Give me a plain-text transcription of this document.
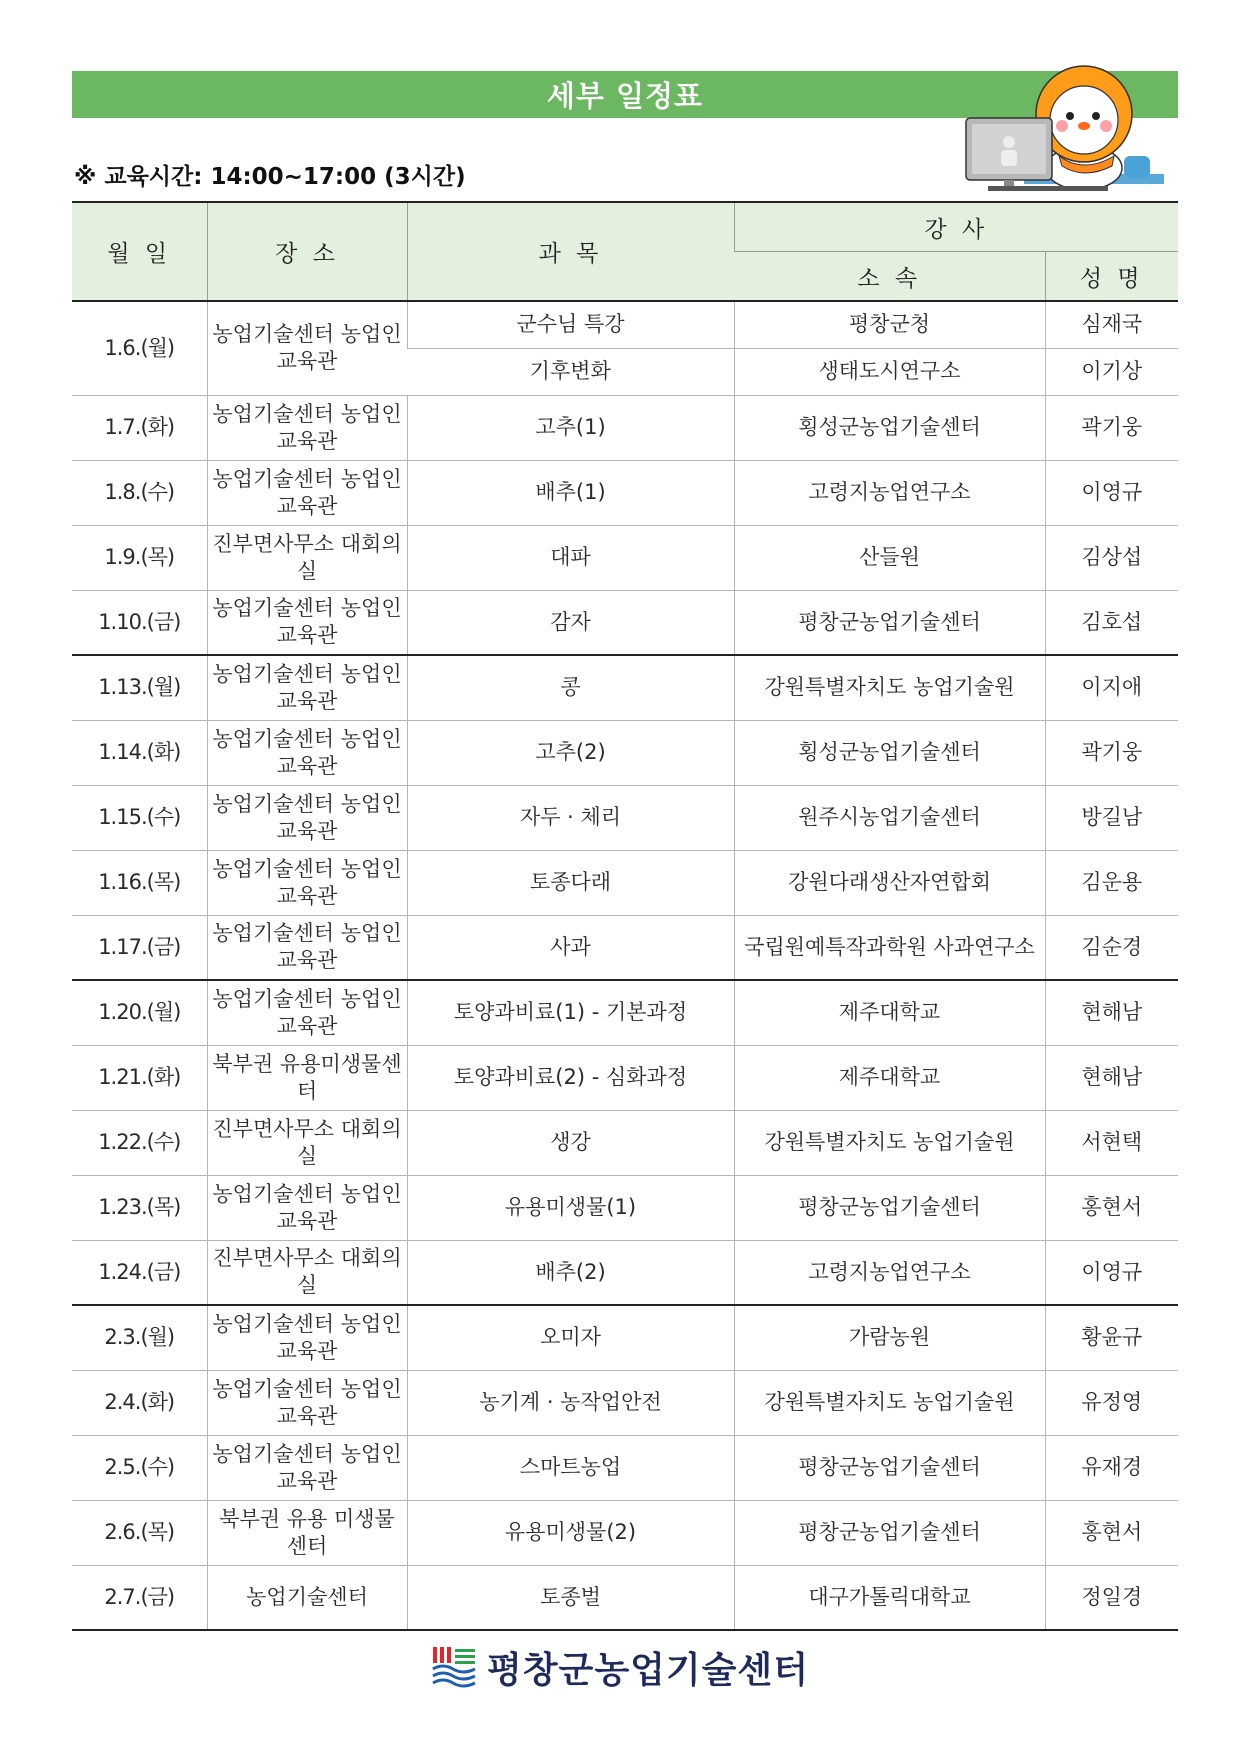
세부 일정표
※ 교육시간: 14:00~17:00 (3시간)
월 일	장 소	과 목	강 사	
			소 속	성 명
1.6.(월)	농업기술센터 농업인교육관	군수님 특강	평창군청	심재국
		기후변화	생태도시연구소	이기상
1.7.(화)	농업기술센터 농업인교육관	고추(1)	횡성군농업기술센터	곽기웅
1.8.(수)	농업기술센터 농업인교육관	배추(1)	고령지농업연구소	이영규
1.9.(목)	진부면사무소 대회의실	대파	산들원	김상섭
1.10.(금)	농업기술센터 농업인교육관	감자	평창군농업기술센터	김호섭
1.13.(월)	농업기술센터 농업인교육관	콩	강원특별자치도 농업기술원	이지애
1.14.(화)	농업기술센터 농업인교육관	고추(2)	횡성군농업기술센터	곽기웅
1.15.(수)	농업기술센터 농업인교육관	자두 · 체리	원주시농업기술센터	방길남
1.16.(목)	농업기술센터 농업인교육관	토종다래	강원다래생산자연합회	김운용
1.17.(금)	농업기술센터 농업인교육관	사과	국립원예특작과학원 사과연구소	김순경
1.20.(월)	농업기술센터 농업인교육관	토양과비료(1) - 기본과정	제주대학교	현해남
1.21.(화)	북부권 유용미생물센터	토양과비료(2) - 심화과정	제주대학교	현해남
1.22.(수)	진부면사무소 대회의실	생강	강원특별자치도 농업기술원	서현택
1.23.(목)	농업기술센터 농업인교육관	유용미생물(1)	평창군농업기술센터	홍현서
1.24.(금)	진부면사무소 대회의실	배추(2)	고령지농업연구소	이영규
2.3.(월)	농업기술센터 농업인교육관	오미자	가람농원	황윤규
2.4.(화)	농업기술센터 농업인교육관	농기계 · 농작업안전	강원특별자치도 농업기술원	유정영
2.5.(수)	농업기술센터 농업인교육관	스마트농업	평창군농업기술센터	유재경
2.6.(목)	북부권 유용 미생물센터	유용미생물(2)	평창군농업기술센터	홍현서
2.7.(금)	농업기술센터	토종벌	대구가톨릭대학교	정일경
평창군농업기술센터
